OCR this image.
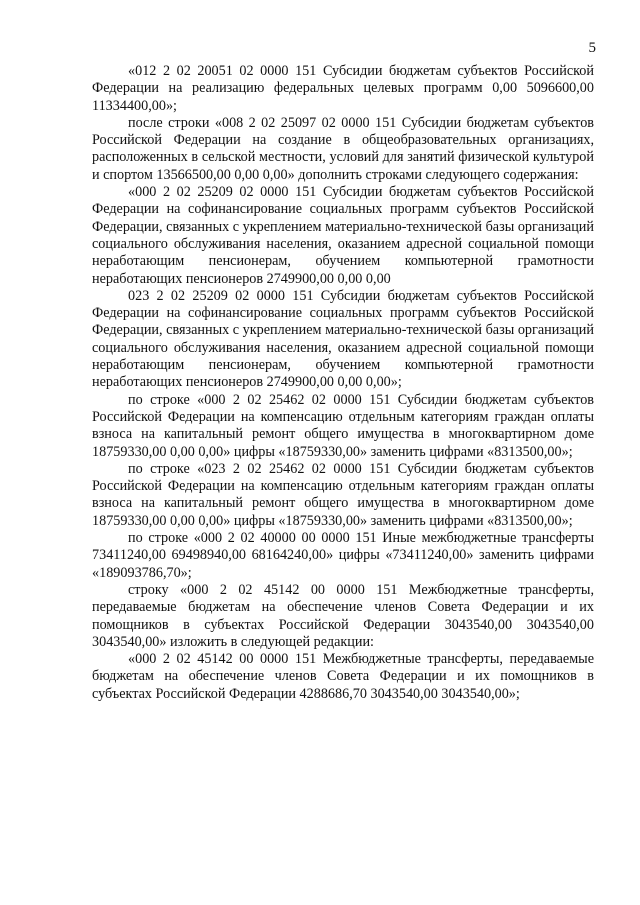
5

«012 2 02 20051 02 0000 151 Субсидии бюджетам субъектов Российской Федерации на реализацию федеральных целевых программ 0,00 5096600,00 11334400,00»;

после строки «008 2 02 25097 02 0000 151 Субсидии бюджетам субъектов Российской Федерации на создание в общеобразовательных организациях, расположенных в сельской местности, условий для занятий физической культурой и спортом 13566500,00 0,00 0,00» дополнить строками следующего содержания:

«000 2 02 25209 02 0000 151 Субсидии бюджетам субъектов Российской Федерации на софинансирование социальных программ субъектов Российской Федерации, связанных с укреплением материально-технической базы организаций социального обслуживания населения, оказанием адресной социальной помощи неработающим пенсионерам, обучением компьютерной грамотности неработающих пенсионеров 2749900,00 0,00 0,00

023 2 02 25209 02 0000 151 Субсидии бюджетам субъектов Российской Федерации на софинансирование социальных программ субъектов Российской Федерации, связанных с укреплением материально-технической базы организаций социального обслуживания населения, оказанием адресной социальной помощи неработающим пенсионерам, обучением компьютерной грамотности неработающих пенсионеров 2749900,00 0,00 0,00»;

по строке «000 2 02 25462 02 0000 151 Субсидии бюджетам субъектов Российской Федерации на компенсацию отдельным категориям граждан оплаты взноса на капитальный ремонт общего имущества в многоквартирном доме 18759330,00 0,00 0,00» цифры «18759330,00» заменить цифрами «8313500,00»;

по строке «023 2 02 25462 02 0000 151 Субсидии бюджетам субъектов Российской Федерации на компенсацию отдельным категориям граждан оплаты взноса на капитальный ремонт общего имущества в многоквартирном доме 18759330,00 0,00 0,00» цифры «18759330,00» заменить цифрами «8313500,00»;

по строке «000 2 02 40000 00 0000 151 Иные межбюджетные трансферты 73411240,00 69498940,00 68164240,00» цифры «73411240,00» заменить цифрами «189093786,70»;

строку «000 2 02 45142 00 0000 151 Межбюджетные трансферты, передаваемые бюджетам на обеспечение членов Совета Федерации и их помощников в субъектах Российской Федерации 3043540,00 3043540,00 3043540,00» изложить в следующей редакции:

«000 2 02 45142 00 0000 151 Межбюджетные трансферты, передаваемые бюджетам на обеспечение членов Совета Федерации и их помощников в субъектах Российской Федерации 4288686,70 3043540,00 3043540,00»;
